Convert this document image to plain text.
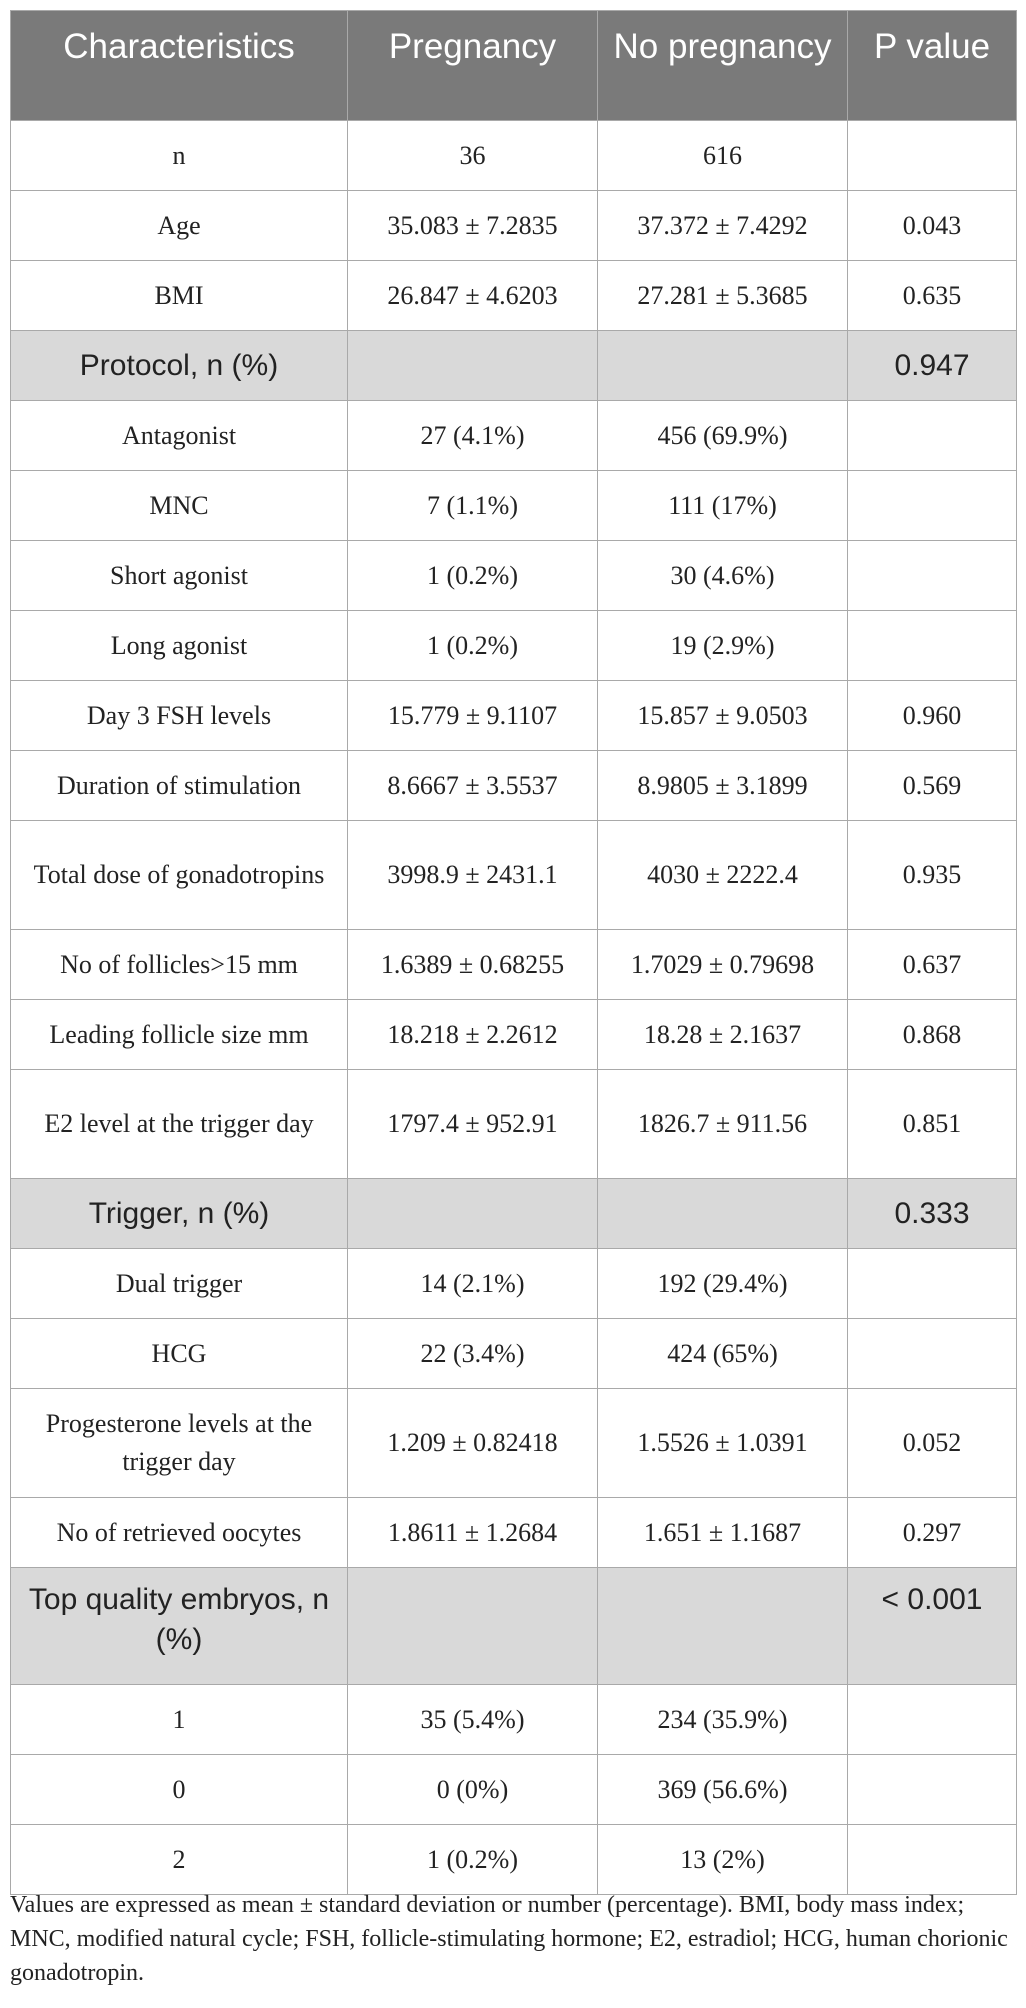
Characteristics	Pregnancy	No pregnancy	P value
n	36	616	
Age	35.083 ± 7.2835	37.372 ± 7.4292	0.043
BMI	26.847 ± 4.6203	27.281 ± 5.3685	0.635
Protocol, n (%)			0.947
Antagonist	27 (4.1%)	456 (69.9%)	
MNC	7 (1.1%)	111 (17%)	
Short agonist	1 (0.2%)	30 (4.6%)	
Long agonist	1 (0.2%)	19 (2.9%)	
Day 3 FSH levels	15.779 ± 9.1107	15.857 ± 9.0503	0.960
Duration of stimulation	8.6667 ± 3.5537	8.9805 ± 3.1899	0.569
Total dose of gonadotropins	3998.9 ± 2431.1	4030 ± 2222.4	0.935
No of follicles>15 mm	1.6389 ± 0.68255	1.7029 ± 0.79698	0.637
Leading follicle size mm	18.218 ± 2.2612	18.28 ± 2.1637	0.868
E2 level at the trigger day	1797.4 ± 952.91	1826.7 ± 911.56	0.851
Trigger, n (%)			0.333
Dual trigger	14 (2.1%)	192 (29.4%)	
HCG	22 (3.4%)	424 (65%)	
Progesterone levels at the trigger day	1.209 ± 0.82418	1.5526 ± 1.0391	0.052
No of retrieved oocytes	1.8611 ± 1.2684	1.651 ± 1.1687	0.297
Top quality embryos, n (%)			< 0.001
1	35 (5.4%)	234 (35.9%)	
0	0 (0%)	369 (56.6%)	
2	1 (0.2%)	13 (2%)	
Values are expressed as mean ± standard deviation or number (percentage). BMI, body mass index; MNC, modified natural cycle; FSH, follicle-stimulating hormone; E2, estradiol; HCG, human chorionic gonadotropin.
